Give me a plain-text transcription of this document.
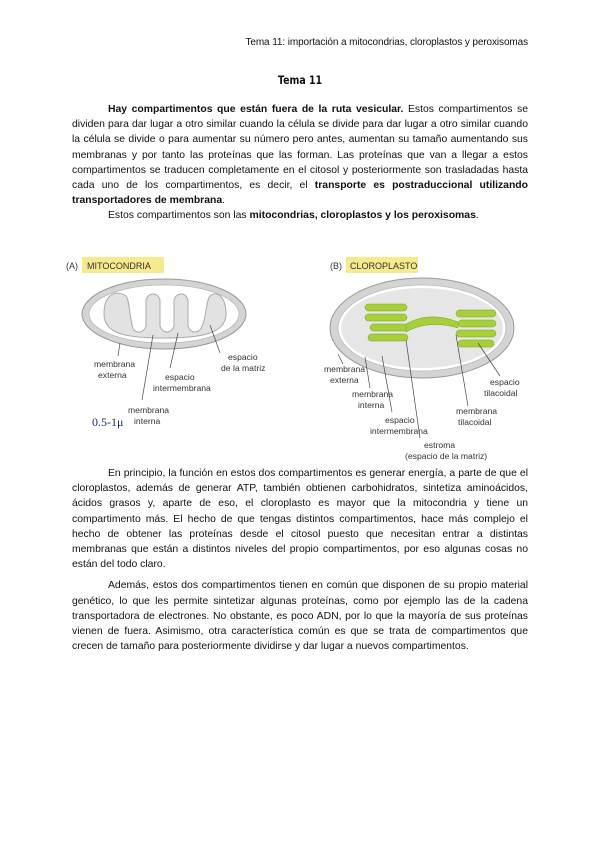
Tema 11: importación a mitocondrias, cloroplastos y peroxisomas
Tema 11

Hay compartimentos que están fuera de la ruta vesicular. Estos compartimentos se dividen para dar lugar a otro similar cuando la célula se divide para dar lugar a otro similar cuando la célula se divide o para aumentar su número pero antes, aumentan su tamaño aumentando sus membranas y por tanto las proteínas que las forman. Las proteínas que van a llegar a estos compartimentos se traducen completamente en el citosol y posteriormente son trasladadas hasta cada uno de los compartimentos, es decir, el transporte es postraduccional utilizando transportadores de membrana.

Estos compartimentos son las mitocondrias, cloroplastos y los peroxisomas.

(A) MITOCONDRIA
membrana externa
espacio de la matriz
espacio intermembrana
membrana interna
0.5-1μ
(B) CLOROPLASTO
membrana externa
membrana interna
espacio intermembrana
estroma (espacio de la matriz)
membrana tilacoidal
espacio tilacoidal

En principio, la función en estos dos compartimentos es generar energía, a parte de que el cloroplastos, además de generar ATP, también obtienen carbohidratos, sintetiza aminoácidos, ácidos grasos y, aparte de eso, el cloroplasto es mayor que la mitocondria y tiene un compartimento más. El hecho de que tengas distintos compartimentos, hace más complejo el hecho de obtener las proteínas desde el citosol puesto que necesitan entrar a distintas membranas que están a distintos niveles del propio compartimentos, por eso algunas cosas no están del todo claro.

Además, estos dos compartimentos tienen en común que disponen de su propio material genético, lo que les permite sintetizar algunas proteínas, como por ejemplo las de la cadena transportadora de electrones. No obstante, es poco ADN, por lo que la mayoría de sus proteínas vienen de fuera. Asimismo, otra característica común es que se trata de compartimentos que crecen de tamaño para posteriormente dividirse y dar lugar a nuevos compartimentos.
